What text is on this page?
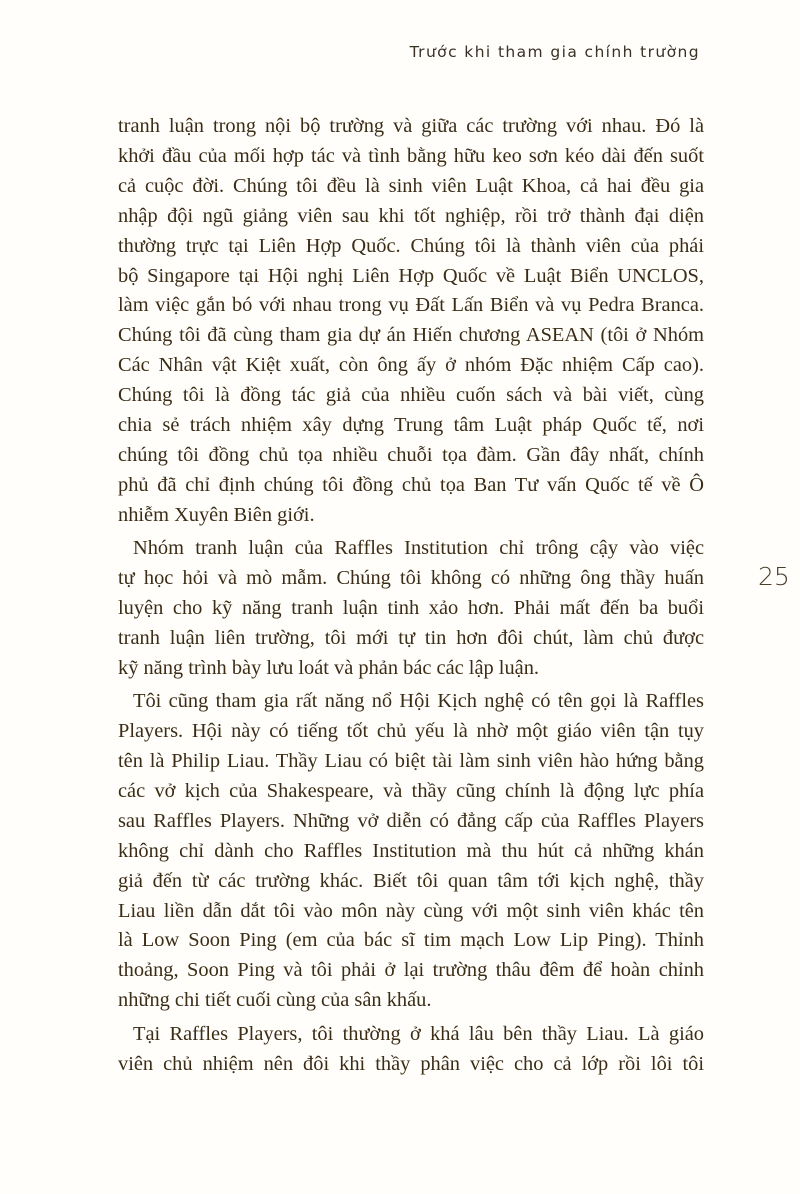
Trước khi tham gia chính trường
25
tranh luận trong nội bộ trường và giữa các trường với nhau. Đó là
khởi đầu của mối hợp tác và tình bằng hữu keo sơn kéo dài đến suốt
cả cuộc đời. Chúng tôi đều là sinh viên Luật Khoa, cả hai đều gia
nhập đội ngũ giảng viên sau khi tốt nghiệp, rồi trở thành đại diện
thường trực tại Liên Hợp Quốc. Chúng tôi là thành viên của phái
bộ Singapore tại Hội nghị Liên Hợp Quốc về Luật Biển UNCLOS,
làm việc gắn bó với nhau trong vụ Đất Lấn Biển và vụ Pedra Branca.
Chúng tôi đã cùng tham gia dự án Hiến chương ASEAN (tôi ở Nhóm
Các Nhân vật Kiệt xuất, còn ông ấy ở nhóm Đặc nhiệm Cấp cao).
Chúng tôi là đồng tác giả của nhiều cuốn sách và bài viết, cùng
chia sẻ trách nhiệm xây dựng Trung tâm Luật pháp Quốc tế, nơi
chúng tôi đồng chủ tọa nhiều chuỗi tọa đàm. Gần đây nhất, chính
phủ đã chỉ định chúng tôi đồng chủ tọa Ban Tư vấn Quốc tế về Ô
nhiễm Xuyên Biên giới.
Nhóm tranh luận của Raffles Institution chỉ trông cậy vào việc
tự học hỏi và mò mẫm. Chúng tôi không có những ông thầy huấn
luyện cho kỹ năng tranh luận tinh xảo hơn. Phải mất đến ba buổi
tranh luận liên trường, tôi mới tự tin hơn đôi chút, làm chủ được
kỹ năng trình bày lưu loát và phản bác các lập luận.
Tôi cũng tham gia rất năng nổ Hội Kịch nghệ có tên gọi là Raffles
Players. Hội này có tiếng tốt chủ yếu là nhờ một giáo viên tận tụy
tên là Philip Liau. Thầy Liau có biệt tài làm sinh viên hào hứng bằng
các vở kịch của Shakespeare, và thầy cũng chính là động lực phía
sau Raffles Players. Những vở diễn có đẳng cấp của Raffles Players
không chỉ dành cho Raffles Institution mà thu hút cả những khán
giả đến từ các trường khác. Biết tôi quan tâm tới kịch nghệ, thầy
Liau liền dẫn dắt tôi vào môn này cùng với một sinh viên khác tên
là Low Soon Ping (em của bác sĩ tim mạch Low Lip Ping). Thỉnh
thoảng, Soon Ping và tôi phải ở lại trường thâu đêm để hoàn chỉnh
những chi tiết cuối cùng của sân khấu.
Tại Raffles Players, tôi thường ở khá lâu bên thầy Liau. Là giáo
viên chủ nhiệm nên đôi khi thầy phân việc cho cả lớp rồi lôi tôi
